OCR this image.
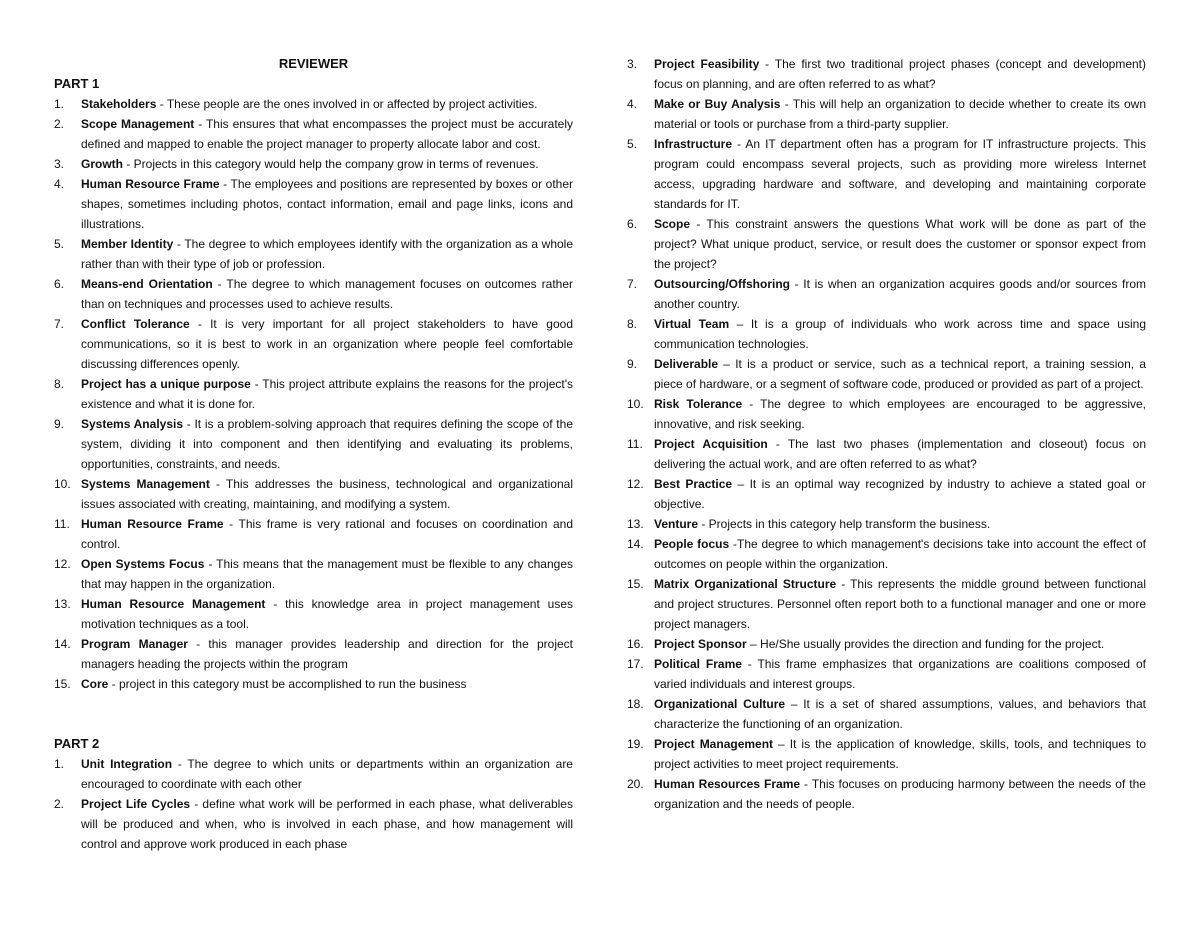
REVIEWER
PART 1
1.	Stakeholders - These people are the ones involved in or affected by project activities.
2.	Scope Management - This ensures that what encompasses the project must be accurately defined and mapped to enable the project manager to property allocate labor and cost.
3.	Growth - Projects in this category would help the company grow in terms of revenues.
4.	Human Resource Frame - The employees and positions are represented by boxes or other shapes, sometimes including photos, contact information, email and page links, icons and illustrations.
5.	Member Identity - The degree to which employees identify with the organization as a whole rather than with their type of job or profession.
6.	Means-end Orientation - The degree to which management focuses on outcomes rather than on techniques and processes used to achieve results.
7.	Conflict Tolerance - It is very important for all project stakeholders to have good communications, so it is best to work in an organization where people feel comfortable discussing differences openly.
8.	Project has a unique purpose - This project attribute explains the reasons for the project's existence and what it is done for.
9.	Systems Analysis - It is a problem-solving approach that requires defining the scope of the system, dividing it into component and then identifying and evaluating its problems, opportunities, constraints, and needs.
10. Systems Management - This addresses the business, technological and organizational issues associated with creating, maintaining, and modifying a system.
11. Human Resource Frame - This frame is very rational and focuses on coordination and control.
12. Open Systems Focus - This means that the management must be flexible to any changes that may happen in the organization.
13. Human Resource Management - this knowledge area in project management uses motivation techniques as a tool.
14. Program Manager - this manager provides leadership and direction for the project managers heading the projects within the program
15. Core - project in this category must be accomplished to run the business
PART 2
1.	Unit Integration - The degree to which units or departments within an organization are encouraged to coordinate with each other
2.	Project Life Cycles - define what work will be performed in each phase, what deliverables will be produced and when, who is involved in each phase, and how management will control and approve work produced in each phase
3.	Project Feasibility - The first two traditional project phases (concept and development) focus on planning, and are often referred to as what?
4.	Make or Buy Analysis - This will help an organization to decide whether to create its own material or tools or purchase from a third-party supplier.
5.	Infrastructure - An IT department often has a program for IT infrastructure projects. This program could encompass several projects, such as providing more wireless Internet access, upgrading hardware and software, and developing and maintaining corporate standards for IT.
6.	Scope - This constraint answers the questions What work will be done as part of the project? What unique product, service, or result does the customer or sponsor expect from the project?
7.	Outsourcing/Offshoring - It is when an organization acquires goods and/or sources from another country.
8.	Virtual Team – It is a group of individuals who work across time and space using communication technologies.
9.	Deliverable – It is a product or service, such as a technical report, a training session, a piece of hardware, or a segment of software code, produced or provided as part of a project.
10. Risk Tolerance - The degree to which employees are encouraged to be aggressive, innovative, and risk seeking.
11. Project Acquisition - The last two phases (implementation and closeout) focus on delivering the actual work, and are often referred to as what?
12. Best Practice – It is an optimal way recognized by industry to achieve a stated goal or objective.
13. Venture - Projects in this category help transform the business.
14. People focus -The degree to which management's decisions take into account the effect of outcomes on people within the organization.
15. Matrix Organizational Structure - This represents the middle ground between functional and project structures. Personnel often report both to a functional manager and one or more project managers.
16. Project Sponsor – He/She usually provides the direction and funding for the project.
17. Political Frame - This frame emphasizes that organizations are coalitions composed of varied individuals and interest groups.
18. Organizational Culture – It is a set of shared assumptions, values, and behaviors that characterize the functioning of an organization.
19. Project Management – It is the application of knowledge, skills, tools, and techniques to project activities to meet project requirements.
20. Human Resources Frame - This focuses on producing harmony between the needs of the organization and the needs of people.
